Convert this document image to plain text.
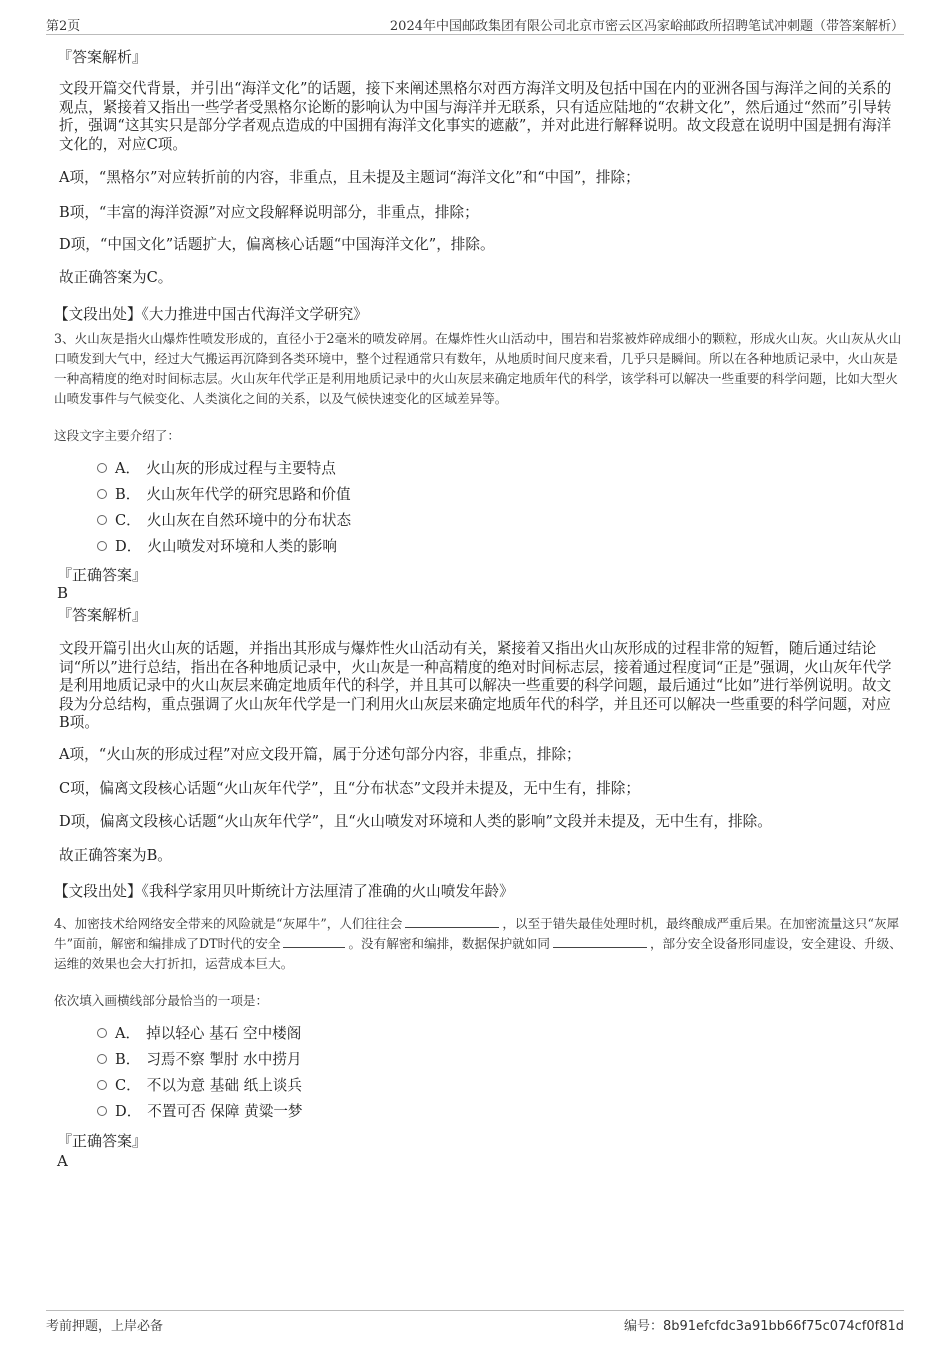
第2页	2024年中国邮政集团有限公司北京市密云区冯家峪邮政所招聘笔试冲刺题（带答案解析）
『答案解析』
文段开篇交代背景，并引出“海洋文化”的话题，接下来阐述黑格尔对西方海洋文明及包括中国在内的亚洲各国与海洋之间的关系的观点，紧接着又指出一些学者受黑格尔论断的影响认为中国与海洋并无联系，只有适应陆地的“农耕文化”，然后通过“然而”引导转折，强调“这其实只是部分学者观点造成的中国拥有海洋文化事实的遮蔽”，并对此进行解释说明。故文段意在说明中国是拥有海洋文化的，对应C项。
A项，“黑格尔”对应转折前的内容，非重点，且未提及主题词“海洋文化”和“中国”，排除；
B项，“丰富的海洋资源”对应文段解释说明部分，非重点，排除；
D项，“中国文化”话题扩大，偏离核心话题“中国海洋文化”，排除。
故正确答案为C。
【文段出处】《大力推进中国古代海洋文学研究》
3、火山灰是指火山爆炸性喷发形成的，直径小于2毫米的喷发碎屑。在爆炸性火山活动中，围岩和岩浆被炸碎成细小的颗粒，形成火山灰。火山灰从火山口喷发到大气中，经过大气搬运再沉降到各类环境中，整个过程通常只有数年，从地质时间尺度来看，几乎只是瞬间。所以在各种地质记录中，火山灰是一种高精度的绝对时间标志层。火山灰年代学正是利用地质记录中的火山灰层来确定地质年代的科学，该学科可以解决一些重要的科学问题，比如大型火山喷发事件与气候变化、人类演化之间的关系，以及气候快速变化的区域差异等。
这段文字主要介绍了：
A． 火山灰的形成过程与主要特点
B． 火山灰年代学的研究思路和价值
C． 火山灰在自然环境中的分布状态
D． 火山喷发对环境和人类的影响
『正确答案』
B
『答案解析』
文段开篇引出火山灰的话题，并指出其形成与爆炸性火山活动有关，紧接着又指出火山灰形成的过程非常的短暂，随后通过结论词“所以”进行总结，指出在各种地质记录中，火山灰是一种高精度的绝对时间标志层，接着通过程度词“正是”强调，火山灰年代学是利用地质记录中的火山灰层来确定地质年代的科学，并且其可以解决一些重要的科学问题，最后通过“比如”进行举例说明。故文段为分总结构，重点强调了火山灰年代学是一门利用火山灰层来确定地质年代的科学，并且还可以解决一些重要的科学问题，对应B项。
A项，“火山灰的形成过程”对应文段开篇，属于分述句部分内容，非重点，排除；
C项，偏离文段核心话题“火山灰年代学”，且“分布状态”文段并未提及，无中生有，排除；
D项，偏离文段核心话题“火山灰年代学”，且“火山喷发对环境和人类的影响”文段并未提及，无中生有，排除。
故正确答案为B。
【文段出处】《我科学家用贝叶斯统计方法厘清了准确的火山喷发年龄》
4、加密技术给网络安全带来的风险就是“灰犀牛”，人们往往会	，以至于错失最佳处理时机，最终酿成严重后果。在加密流量这只“灰犀牛”面前，解密和编排成了DT时代的安全	。没有解密和编排，数据保护就如同	，部分安全设备形同虚设，安全建设、升级、运维的效果也会大打折扣，运营成本巨大。
依次填入画横线部分最恰当的一项是：
A． 掉以轻心 基石 空中楼阁
B． 习焉不察 掣肘 水中捞月
C． 不以为意 基础 纸上谈兵
D． 不置可否 保障 黄粱一梦
『正确答案』
A
考前押题，上岸必备	编号：8b91efcfdc3a91bb66f75c074cf0f81d
